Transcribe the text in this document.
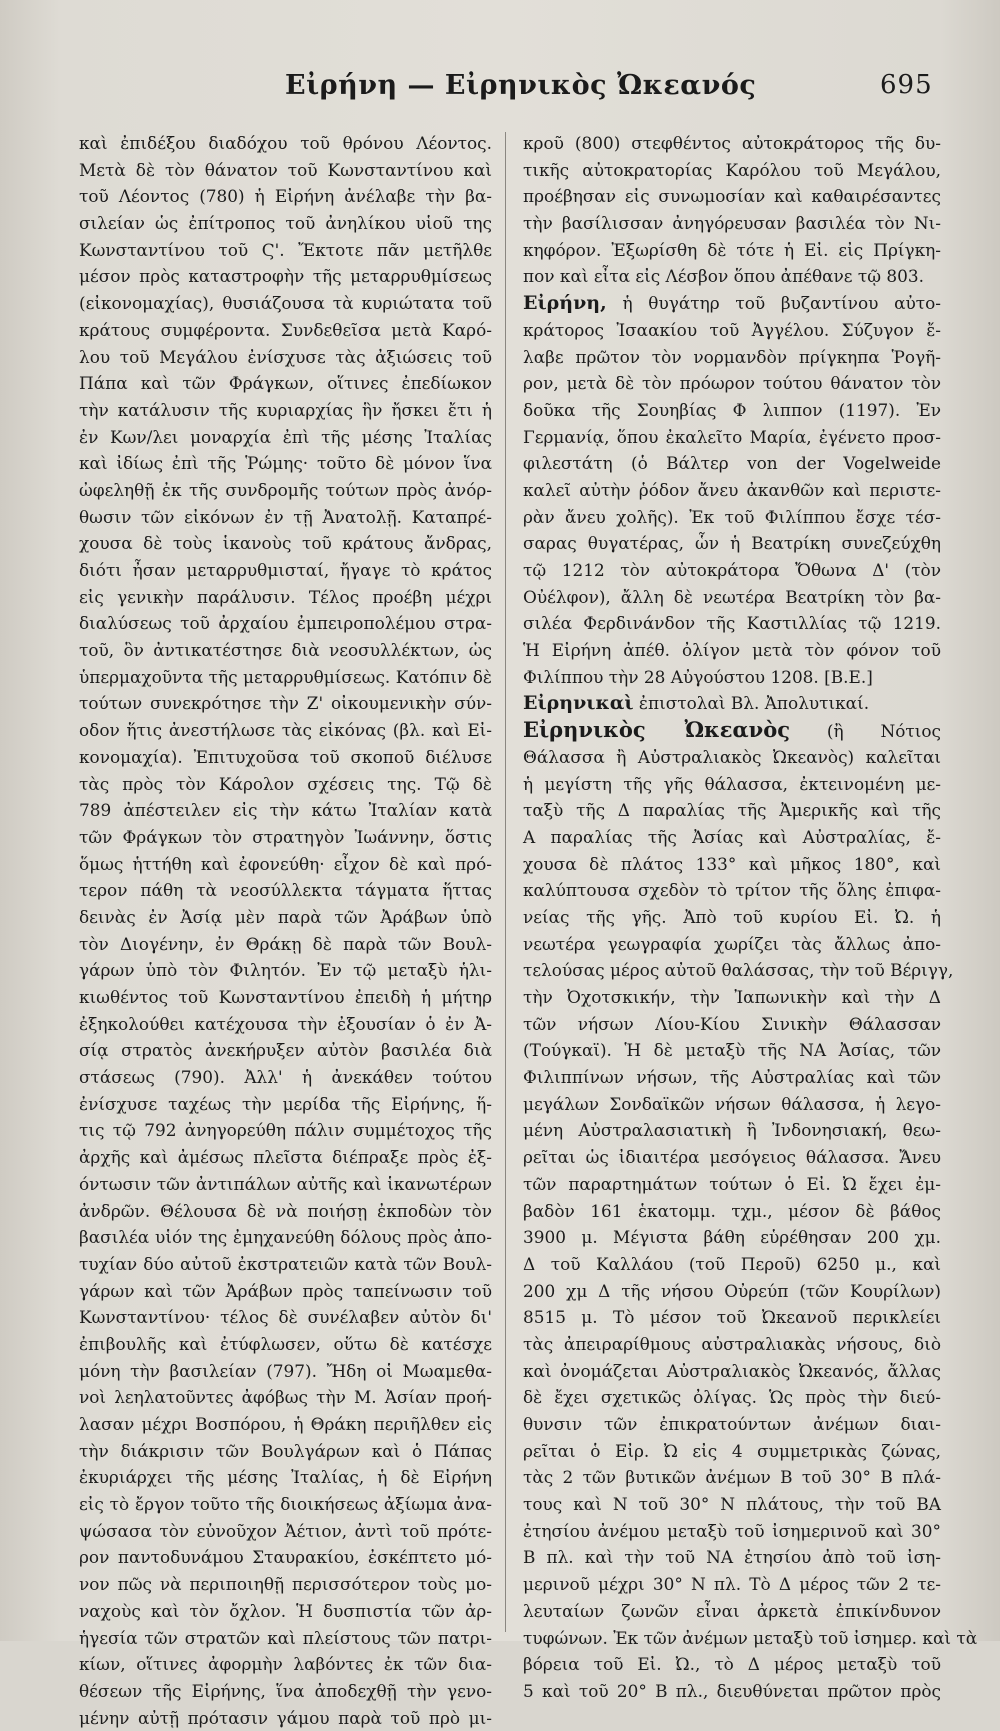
Εἰρήνη — Εἰρηνικὸς Ὠκεανός	695
καὶ ἐπιδέξου διαδόχου τοῦ θρόνου Λέοντος.
Μετὰ δὲ τὸν θάνατον τοῦ Κωνσταντίνου καὶ
τοῦ Λέοντος (780) ἡ Εἰρήνη ἀνέλαβε τὴν βα-
σιλείαν ὡς ἐπίτροπος τοῦ ἀνηλίκου υἱοῦ της
Κωνσταντίνου τοῦ Ϛ'. Ἔκτοτε πᾶν μετῆλθε
μέσον πρὸς καταστροφὴν τῆς μεταρρυθμίσεως
(εἰκονομαχίας), θυσιάζουσα τὰ κυριώτατα τοῦ
κράτους συμφέροντα. Συνδεθεῖσα μετὰ Καρό-
λου τοῦ Μεγάλου ἐνίσχυσε τὰς ἀξιώσεις τοῦ
Πάπα καὶ τῶν Φράγκων, οἵτινες ἐπεδίωκον
τὴν κατάλυσιν τῆς κυριαρχίας ἣν ἤσκει ἔτι ἡ
ἐν Κων/λει μοναρχία ἐπὶ τῆς μέσης Ἰταλίας
καὶ ἰδίως ἐπὶ τῆς Ῥώμης· τοῦτο δὲ μόνον ἵνα
ὠφεληθῇ ἐκ τῆς συνδρομῆς τούτων πρὸς ἀνόρ-
θωσιν τῶν εἰκόνων ἐν τῇ Ἀνατολῇ. Καταπρέ-
χουσα δὲ τοὺς ἱκανοὺς τοῦ κράτους ἄνδρας,
διότι ἦσαν μεταρρυθμισταί, ἤγαγε τὸ κράτος
εἰς γενικὴν παράλυσιν. Τέλος προέβη μέχρι
διαλύσεως τοῦ ἀρχαίου ἐμπειροπολέμου στρα-
τοῦ, ὃν ἀντικατέστησε διὰ νεοσυλλέκτων, ὡς
ὑπερμαχοῦντα τῆς μεταρρυθμίσεως. Κατόπιν δὲ
τούτων συνεκρότησε τὴν Ζ' οἰκουμενικὴν σύν-
οδον ἥτις ἀνεστήλωσε τὰς εἰκόνας (βλ. καὶ Εἰ-
κονομαχία). Ἐπιτυχοῦσα τοῦ σκοποῦ διέλυσε
τὰς πρὸς τὸν Κάρολον σχέσεις της. Τῷ δὲ
789 ἀπέστειλεν εἰς τὴν κάτω Ἰταλίαν κατὰ
τῶν Φράγκων τὸν στρατηγὸν Ἰωάννην, ὅστις
ὅμως ἡττήθη καὶ ἐφονεύθη· εἶχον δὲ καὶ πρό-
τερον πάθη τὰ νεοσύλλεκτα τάγματα ἥττας
δεινὰς ἐν Ἀσίᾳ μὲν παρὰ τῶν Ἀράβων ὑπὸ
τὸν Διογένην, ἐν Θράκῃ δὲ παρὰ τῶν Βουλ-
γάρων ὑπὸ τὸν Φιλητόν. Ἐν τῷ μεταξὺ ἡλι-
κιωθέντος τοῦ Κωνσταντίνου ἐπειδὴ ἡ μήτηρ
ἐξηκολούθει κατέχουσα τὴν ἐξουσίαν ὁ ἐν Ἀ-
σίᾳ στρατὸς ἀνεκήρυξεν αὐτὸν βασιλέα διὰ
στάσεως (790). Ἀλλ' ἡ ἀνεκάθεν τούτου
ἐνίσχυσε ταχέως τὴν μερίδα τῆς Εἰρήνης, ἥ-
τις τῷ 792 ἀνηγορεύθη πάλιν συμμέτοχος τῆς
ἀρχῆς καὶ ἀμέσως πλεῖστα διέπραξε πρὸς ἐξ-
όντωσιν τῶν ἀντιπάλων αὐτῆς καὶ ἱκανωτέρων
ἀνδρῶν. Θέλουσα δὲ νὰ ποιήσῃ ἐκποδὼν τὸν
βασιλέα υἱόν της ἐμηχανεύθη δόλους πρὸς ἀπο-
τυχίαν δύο αὐτοῦ ἐκστρατειῶν κατὰ τῶν Βουλ-
γάρων καὶ τῶν Ἀράβων πρὸς ταπείνωσιν τοῦ
Κωνσταντίνου· τέλος δὲ συνέλαβεν αὐτὸν δι'
ἐπιβουλῆς καὶ ἐτύφλωσεν, οὕτω δὲ κατέσχε
μόνη τὴν βασιλείαν (797). Ἤδη οἱ Μωαμεθα-
νοὶ λεηλατοῦντες ἀφόβως τὴν Μ. Ἀσίαν προή-
λασαν μέχρι Βοσπόρου, ἡ Θράκη περιῆλθεν εἰς
τὴν διάκρισιν τῶν Βουλγάρων καὶ ὁ Πάπας
ἐκυριάρχει τῆς μέσης Ἰταλίας, ἡ δὲ Εἰρήνη
εἰς τὸ ἔργον τοῦτο τῆς διοικήσεως ἀξίωμα ἀνα-
ψώσασα τὸν εὐνοῦχον Ἀέτιον, ἀντὶ τοῦ πρότε-
ρον παντοδυνάμου Σταυρακίου, ἐσκέπτετο μό-
νον πῶς νὰ περιποιηθῇ περισσότερον τοὺς μο-
ναχοὺς καὶ τὸν ὄχλον. Ἡ δυσπιστία τῶν ἀρ-
ἡγεσία τῶν στρατῶν καὶ πλείστους τῶν πατρι-
κίων, οἵτινες ἀφορμὴν λαβόντες ἐκ τῶν δια-
θέσεων τῆς Εἰρήνης, ἵνα ἀποδεχθῇ τὴν γενο-
μένην αὐτῇ πρότασιν γάμου παρὰ τοῦ πρὸ μι-
κροῦ (800) στεφθέντος αὐτοκράτορος τῆς δυ-
τικῆς αὐτοκρατορίας Καρόλου τοῦ Μεγάλου,
προέβησαν εἰς συνωμοσίαν καὶ καθαιρέσαντες
τὴν βασίλισσαν ἀνηγόρευσαν βασιλέα τὸν Νι-
κηφόρον. Ἐξωρίσθη δὲ τότε ἡ Εἰ. εἰς Πρίγκη-
πον καὶ εἶτα εἰς Λέσβον ὅπου ἀπέθανε τῷ 803.
Εἰρήνη, ἡ θυγάτηρ τοῦ βυζαντίνου αὐτο-
κράτορος Ἰσαακίου τοῦ Ἀγγέλου. Σύζυγον ἔ-
λαβε πρῶτον τὸν νορμανδὸν πρίγκηπα Ῥογῆ-
ρον, μετὰ δὲ τὸν πρόωρον τούτου θάνατον τὸν
δοῦκα τῆς Σουηβίας Φ λιππον (1197). Ἐν
Γερμανίᾳ, ὅπου ἐκαλεῖτο Μαρία, ἐγένετο προσ-
φιλεστάτη (ὁ Βάλτερ von der Vogelweide
καλεῖ αὐτὴν ῥόδον ἄνευ ἀκανθῶν καὶ περιστε-
ρὰν ἄνευ χολῆς). Ἐκ τοῦ Φιλίππου ἔσχε τέσ-
σαρας θυγατέρας, ὧν ἡ Βεατρίκη συνεζεύχθη
τῷ 1212 τὸν αὐτοκράτορα Ὄθωνα Δ' (τὸν
Οὐέλφον), ἄλλη δὲ νεωτέρα Βεατρίκη τὸν βα-
σιλέα Φερδινάνδον τῆς Καστιλλίας τῷ 1219.
Ἡ Εἰρήνη ἀπέθ. ὀλίγον μετὰ τὸν φόνον τοῦ
Φιλίππου τὴν 28 Αὐγούστου 1208. [Β.Ε.]
Εἰρηνικαὶ ἐπιστολαὶ Βλ. Ἀπολυτικαί.
Εἰρηνικὸς Ὠκεανὸς (ἢ Νότιος
Θάλασσα ἢ Αὐστραλιακὸς Ὠκεανὸς) καλεῖται
ἡ μεγίστη τῆς γῆς θάλασσα, ἐκτεινομένη με-
ταξὺ τῆς Δ παραλίας τῆς Ἀμερικῆς καὶ τῆς
Α παραλίας τῆς Ἀσίας καὶ Αὐστραλίας, ἔ-
χουσα δὲ πλάτος 133° καὶ μῆκος 180°, καὶ
καλύπτουσα σχεδὸν τὸ τρίτον τῆς ὅλης ἐπιφα-
νείας τῆς γῆς. Ἀπὸ τοῦ κυρίου Εἰ. Ὠ. ἡ
νεωτέρα γεωγραφία χωρίζει τὰς ἄλλως ἀπο-
τελούσας μέρος αὐτοῦ θαλάσσας, τὴν τοῦ Βέριγγ,
τὴν Ὀχοτσκικήν, τὴν Ἰαπωνικὴν καὶ τὴν Δ
τῶν νήσων Λίου-Κίου Σινικὴν Θάλασσαν
(Τούγκαϊ). Ἡ δὲ μεταξὺ τῆς ΝΑ Ἀσίας, τῶν
Φιλιππίνων νήσων, τῆς Αὐστραλίας καὶ τῶν
μεγάλων Σονδαϊκῶν νήσων θάλασσα, ἡ λεγο-
μένη Αὐστραλασιατικὴ ἢ Ἰνδονησιακή, θεω-
ρεῖται ὡς ἰδιαιτέρα μεσόγειος θάλασσα. Ἄνευ
τῶν παραρτημάτων τούτων ὁ Εἰ. Ὠ ἔχει ἐμ-
βαδὸν 161 ἑκατομμ. τχμ., μέσον δὲ βάθος
3900 μ. Μέγιστα βάθη εὑρέθησαν 200 χμ.
Δ τοῦ Καλλάου (τοῦ Περοῦ) 6250 μ., καὶ
200 χμ Δ τῆς νήσου Οὐρεύπ (τῶν Κουρίλων)
8515 μ. Τὸ μέσον τοῦ Ὠκεανοῦ περικλείει
τὰς ἀπειραρίθμους αὐστραλιακὰς νήσους, διὸ
καὶ ὀνομάζεται Αὐστραλιακὸς Ὠκεανός, ἄλλας
δὲ ἔχει σχετικῶς ὀλίγας. Ὡς πρὸς τὴν διεύ-
θυνσιν τῶν ἐπικρατούντων ἀνέμων διαι-
ρεῖται ὁ Εἰρ. Ὠ εἰς 4 συμμετρικὰς ζώνας,
τὰς 2 τῶν βυτικῶν ἀνέμων Β τοῦ 30° Β πλά-
τους καὶ Ν τοῦ 30° Ν πλάτους, τὴν τοῦ ΒΑ
ἐτησίου ἀνέμου μεταξὺ τοῦ ἰσημερινοῦ καὶ 30°
Β πλ. καὶ τὴν τοῦ ΝΑ ἐτησίου ἀπὸ τοῦ ἰση-
μερινοῦ μέχρι 30° Ν πλ. Τὸ Δ μέρος τῶν 2 τε-
λευταίων ζωνῶν εἶναι ἀρκετὰ ἐπικίνδυνον
τυφώνων. Ἐκ τῶν ἀνέμων μεταξὺ τοῦ ἰσημερ. καὶ τὰ
βόρεια τοῦ Εἰ. Ὠ., τὸ Δ μέρος μεταξὺ τοῦ
5 καὶ τοῦ 20° Β πλ., διευθύνεται πρῶτον πρὸς
